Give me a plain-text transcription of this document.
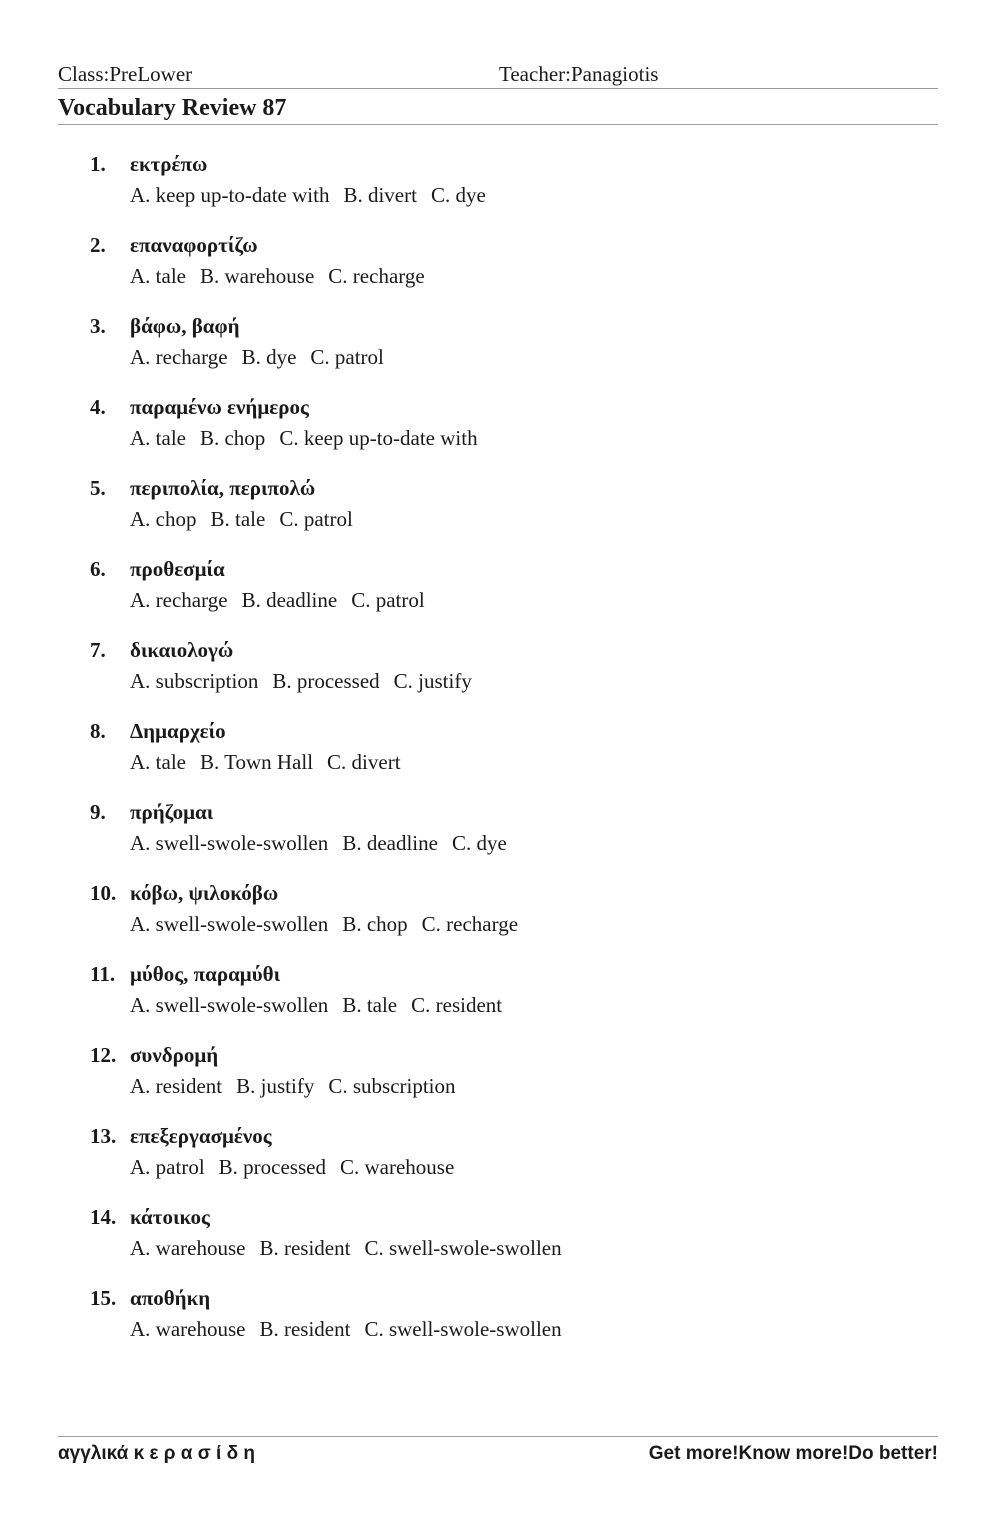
Class:PreLower	Teacher:Panagiotis
Vocabulary Review 87
1. εκτρέπω
A. keep up-to-date with B. divert C. dye
2. επαναφορτίζω
A. tale B. warehouse C. recharge
3. βάφω, βαφή
A. recharge B. dye C. patrol
4. παραμένω ενήμερος
A. tale B. chop C. keep up-to-date with
5. περιπολία, περιπολώ
A. chop B. tale C. patrol
6. προθεσμία
A. recharge B. deadline C. patrol
7. δικαιολογώ
A. subscription B. processed C. justify
8. Δημαρχείο
A. tale B. Town Hall C. divert
9. πρήζομαι
A. swell-swole-swollen B. deadline C. dye
10. κόβω, ψιλοκόβω
A. swell-swole-swollen B. chop C. recharge
11. μύθος, παραμύθι
A. swell-swole-swollen B. tale C. resident
12. συνδρομή
A. resident B. justify C. subscription
13. επεξεργασμένος
A. patrol B. processed C. warehouse
14. κάτοικος
A. warehouse B. resident C. swell-swole-swollen
15. αποθήκη
A. warehouse B. resident C. swell-swole-swollen
αγγλικά κ ε ρ α σ ί δ η	Get more!Know more!Do better!
